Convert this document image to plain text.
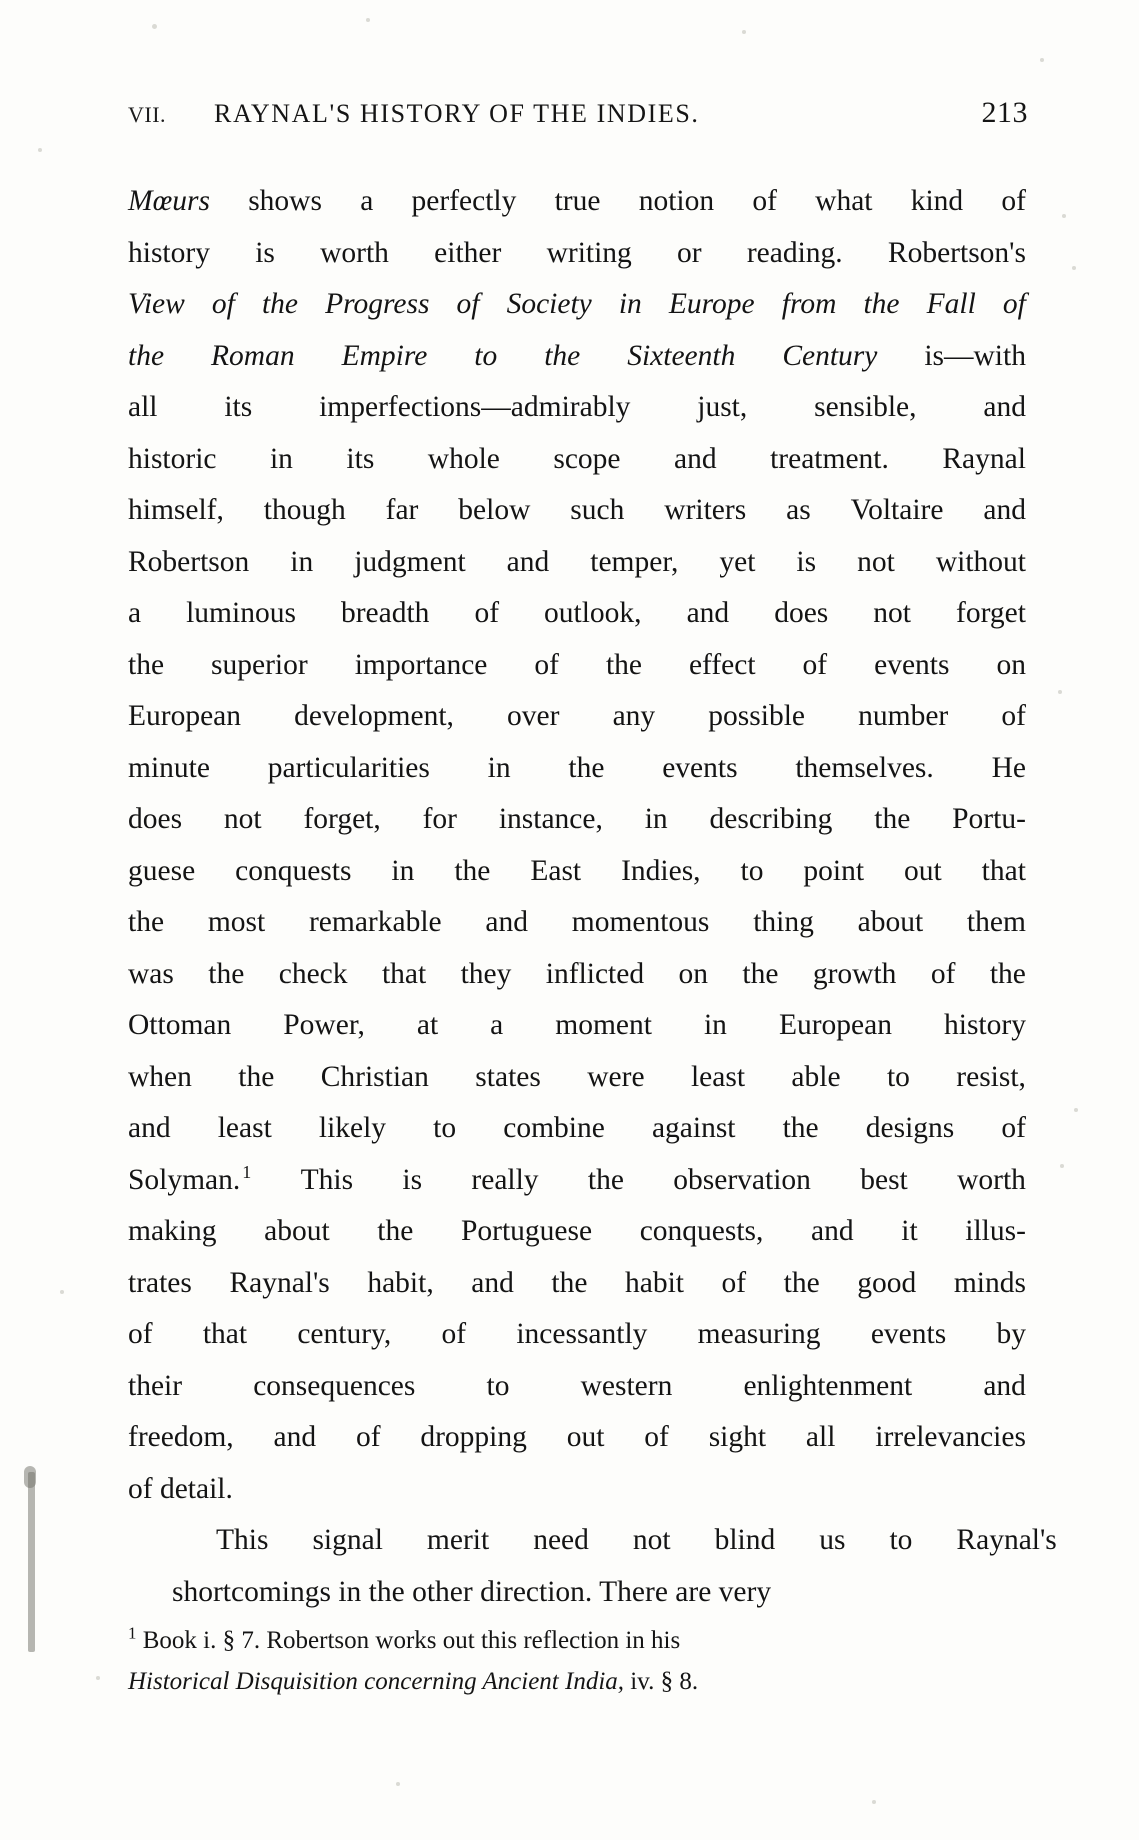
VII.	RAYNAL'S HISTORY OF THE INDIES.	213

Mœurs shows a perfectly true notion of what kind of
history is worth either writing or reading. Robertson's
View of the Progress of Society in Europe from the Fall of
the Roman Empire to the Sixteenth Century is—with
all its imperfections—admirably just, sensible, and
historic in its whole scope and treatment. Raynal
himself, though far below such writers as Voltaire and
Robertson in judgment and temper, yet is not without
a luminous breadth of outlook, and does not forget
the superior importance of the effect of events on
European development, over any possible number of
minute particularities in the events themselves. He
does not forget, for instance, in describing the Portu-
guese conquests in the East Indies, to point out that
the most remarkable and momentous thing about them
was the check that they inflicted on the growth of the
Ottoman Power, at a moment in European history
when the Christian states were least able to resist,
and least likely to combine against the designs of
Solyman. $^1$ This is really the observation best worth
making about the Portuguese conquests, and it illus-
trates Raynal's habit, and the habit of the good minds
of that century, of incessantly measuring events by
their consequences to western enlightenment and
freedom, and of dropping out of sight all irrelevancies
of detail.

This	signal	merit	need	not	blind	us	to	Raynal's
shortcomings in the other direction. There are very

$^1$ Book i. § 7. Robertson works out this reflection in his
Historical Disquisition concerning Ancient India, iv. § 8.
